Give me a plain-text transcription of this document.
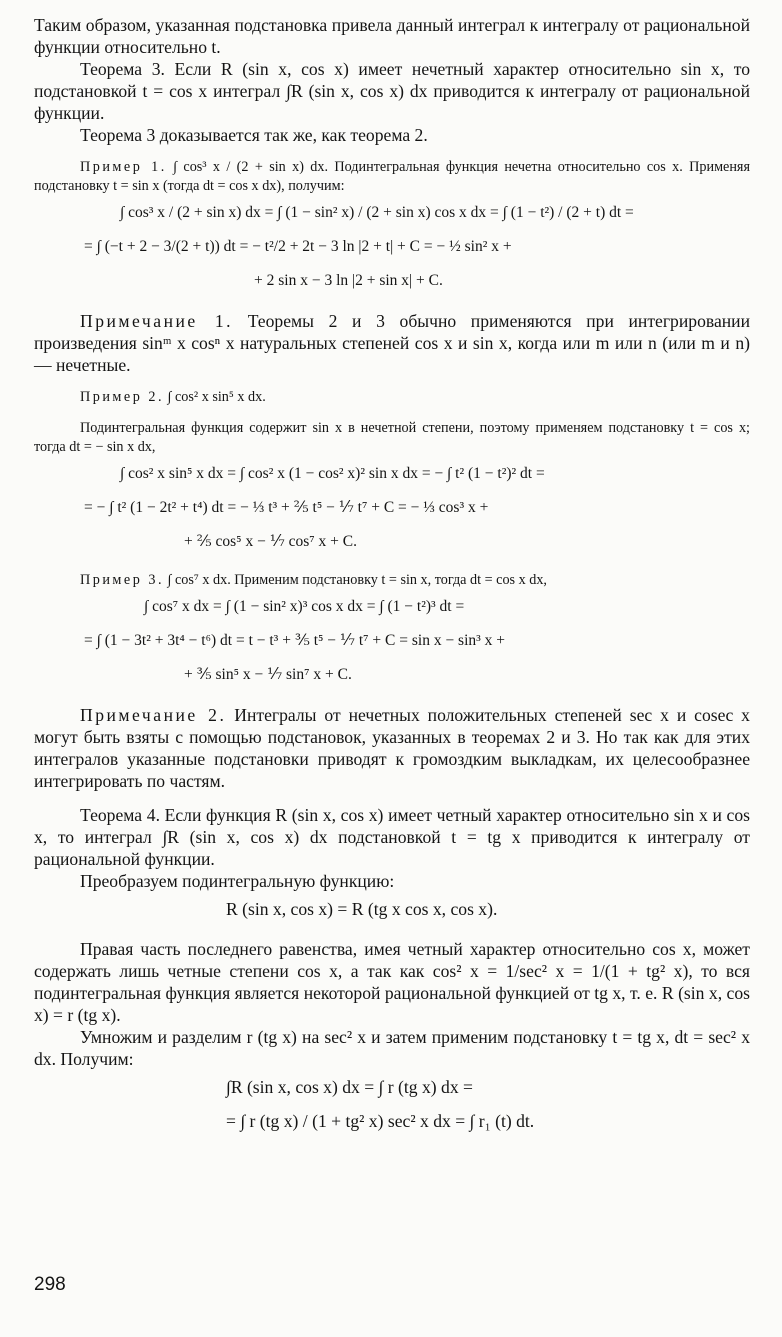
Таким образом, указанная подстановка привела данный интеграл к интегралу от рациональной функции относительно t.

Теорема 3. Если R (sin x, cos x) имеет нечетный характер относительно sin x, то подстановкой t = cos x интеграл ∫R (sin x, cos x) dx приводится к интегралу от рациональной функции.

Теорема 3 доказывается так же, как теорема 2.

Пример 1. ∫ cos³ x / (2 + sin x) dx. Подинтегральная функция нечетна относительно cos x. Применяя подстановку t = sin x (тогда dt = cos x dx), получим:

∫ cos³ x / (2 + sin x) dx = ∫ (1 − sin² x) / (2 + sin x) cos x dx = ∫ (1 − t²) / (2 + t) dt =

= ∫ (−t + 2 − 3/(2 + t)) dt = − t²/2 + 2t − 3 ln |2 + t| + C = − ½ sin² x +

+ 2 sin x − 3 ln |2 + sin x| + C.

Примечание 1. Теоремы 2 и 3 обычно применяются при интегрировании произведения sinᵐ x cosⁿ x натуральных степеней cos x и sin x, когда или m или n (или m и n) — нечетные.

Пример 2. ∫ cos² x sin⁵ x dx.

Подинтегральная функция содержит sin x в нечетной степени, поэтому применяем подстановку t = cos x; тогда dt = − sin x dx,

∫ cos² x sin⁵ x dx = ∫ cos² x (1 − cos² x)² sin x dx = − ∫ t² (1 − t²)² dt =

= − ∫ t² (1 − 2t² + t⁴) dt = − ⅓ t³ + ⅖ t⁵ − ⅐ t⁷ + C = − ⅓ cos³ x +

+ ⅖ cos⁵ x − ⅐ cos⁷ x + C.

Пример 3. ∫ cos⁷ x dx. Применим подстановку t = sin x, тогда dt = cos x dx,

∫ cos⁷ x dx = ∫ (1 − sin² x)³ cos x dx = ∫ (1 − t²)³ dt =

= ∫ (1 − 3t² + 3t⁴ − t⁶) dt = t − t³ + ⅗ t⁵ − ⅐ t⁷ + C = sin x − sin³ x +

+ ⅗ sin⁵ x − ⅐ sin⁷ x + C.

Примечание 2. Интегралы от нечетных положительных степеней sec x и cosec x могут быть взяты с помощью подстановок, указанных в теоремах 2 и 3. Но так как для этих интегралов указанные подстановки приводят к громоздким выкладкам, их целесообразнее интегрировать по частям.

Теорема 4. Если функция R (sin x, cos x) имеет четный характер относительно sin x и cos x, то интеграл ∫R (sin x, cos x) dx подстановкой t = tg x приводится к интегралу от рациональной функции.

Преобразуем подинтегральную функцию:

R (sin x, cos x) = R (tg x cos x, cos x).

Правая часть последнего равенства, имея четный характер относительно cos x, может содержать лишь четные степени cos x, а так как cos² x = 1/sec² x = 1/(1 + tg² x), то вся подинтегральная функция является некоторой рациональной функцией от tg x, т. е. R (sin x, cos x) = r (tg x).

Умножим и разделим r (tg x) на sec² x и затем применим подстановку t = tg x, dt = sec² x dx. Получим:

∫R (sin x, cos x) dx = ∫ r (tg x) dx =

= ∫ r (tg x) / (1 + tg² x) sec² x dx = ∫ r₁ (t) dt.

298
